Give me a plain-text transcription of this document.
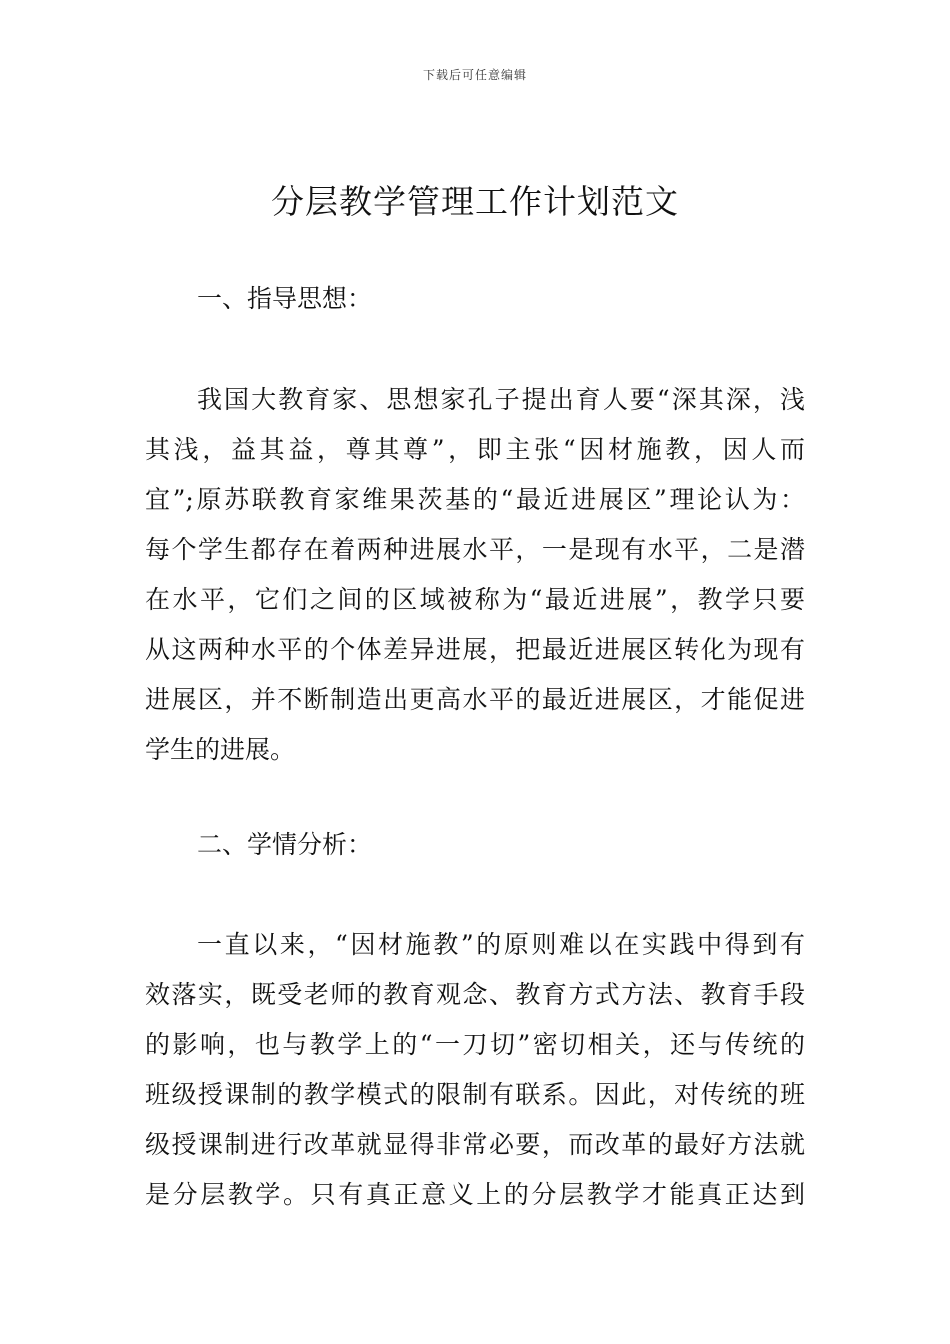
下载后可任意编辑
分层教学管理工作计划范文
一、指导思想：
我国大教育家、思想家孔子提出育人要“深其深，浅
其浅，益其益，尊其尊”，即主张“因材施教，因人而
宜”;原苏联教育家维果茨基的“最近进展区”理论认为：
每个学生都存在着两种进展水平，一是现有水平，二是潜
在水平，它们之间的区域被称为“最近进展”，教学只要
从这两种水平的个体差异进展，把最近进展区转化为现有
进展区，并不断制造出更高水平的最近进展区，才能促进
学生的进展。
二、学情分析：
一直以来，“因材施教”的原则难以在实践中得到有
效落实，既受老师的教育观念、教育方式方法、教育手段
的影响，也与教学上的“一刀切”密切相关，还与传统的
班级授课制的教学模式的限制有联系。因此，对传统的班
级授课制进行改革就显得非常必要，而改革的最好方法就
是分层教学。只有真正意义上的分层教学才能真正达到
